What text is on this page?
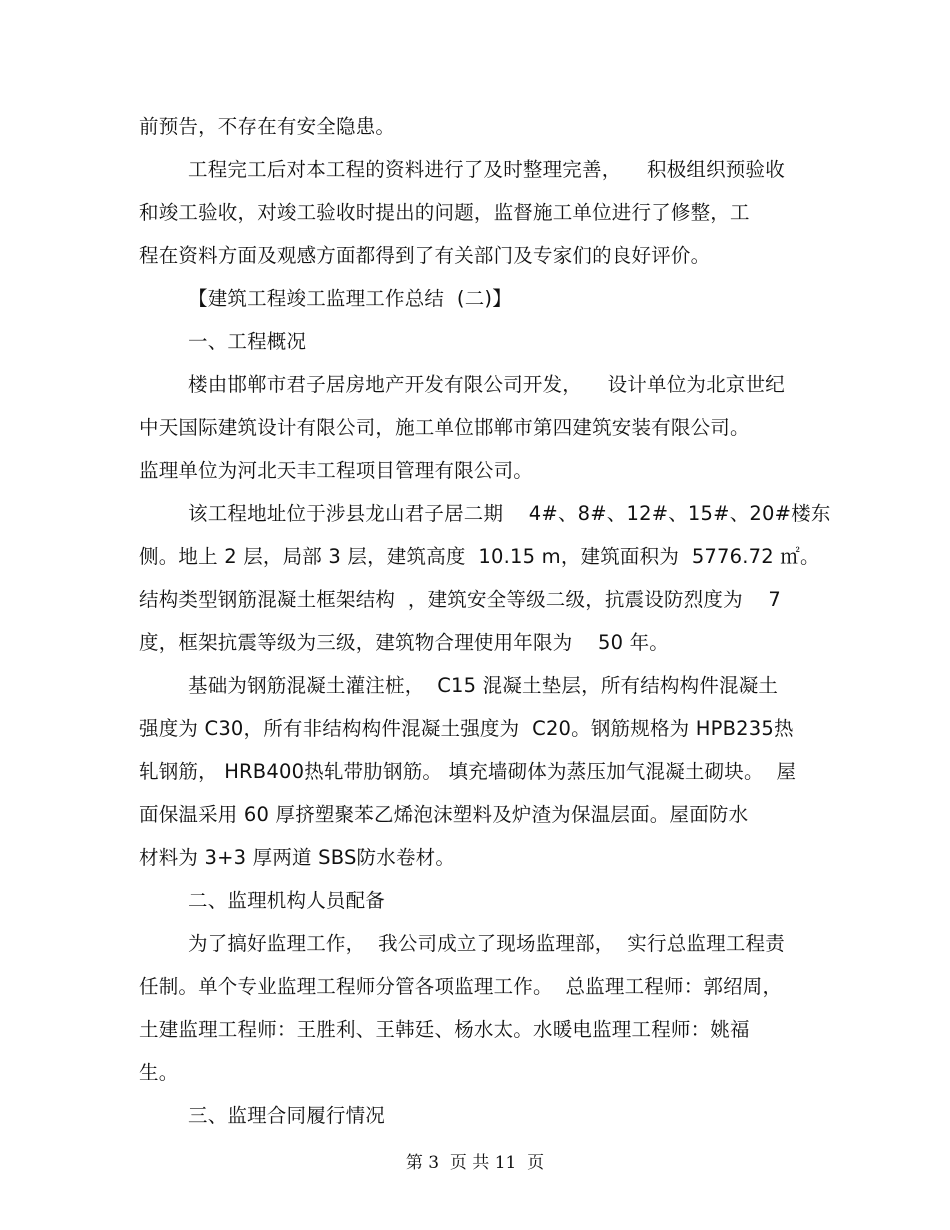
前预告，不存在有安全隐患。
工程完工后对本工程的资料进行了及时整理完善，    积极组织预验收
和竣工验收，对竣工验收时提出的问题，监督施工单位进行了修整，工
程在资料方面及观感方面都得到了有关部门及专家们的良好评价。
【建筑工程竣工监理工作总结  (二)】
一、工程概况
楼由邯郸市君子居房地产开发有限公司开发，    设计单位为北京世纪
中天国际建筑设计有限公司，施工单位邯郸市第四建筑安装有限公司。
监理单位为河北天丰工程项目管理有限公司。
该工程地址位于涉县龙山君子居二期    4#、8#、12#、15#、20#楼东
侧。地上 2 层，局部 3 层，建筑高度  10.15 m，建筑面积为  5776.72 ㎡。
结构类型钢筋混凝土框架结构  ，建筑安全等级二级，抗震设防烈度为    7
度，框架抗震等级为三级，建筑物合理使用年限为    50 年。
基础为钢筋混凝土灌注桩，  C15 混凝土垫层，所有结构构件混凝土
强度为 C30，所有非结构构件混凝土强度为  C20。钢筋规格为 HPB235热
轧钢筋， HRB400热轧带肋钢筋。 填充墙砌体为蒸压加气混凝土砌块。  屋
面保温采用 60 厚挤塑聚苯乙烯泡沫塑料及炉渣为保温层面。屋面防水
材料为 3+3 厚两道 SBS防水卷材。
二、监理机构人员配备
为了搞好监理工作，  我公司成立了现场监理部，  实行总监理工程责
任制。单个专业监理工程师分管各项监理工作。  总监理工程师：郭绍周，
土建监理工程师：王胜利、王韩廷、杨水太。水暖电监理工程师：姚福
生。
三、监理合同履行情况
第 3  页 共 11  页
